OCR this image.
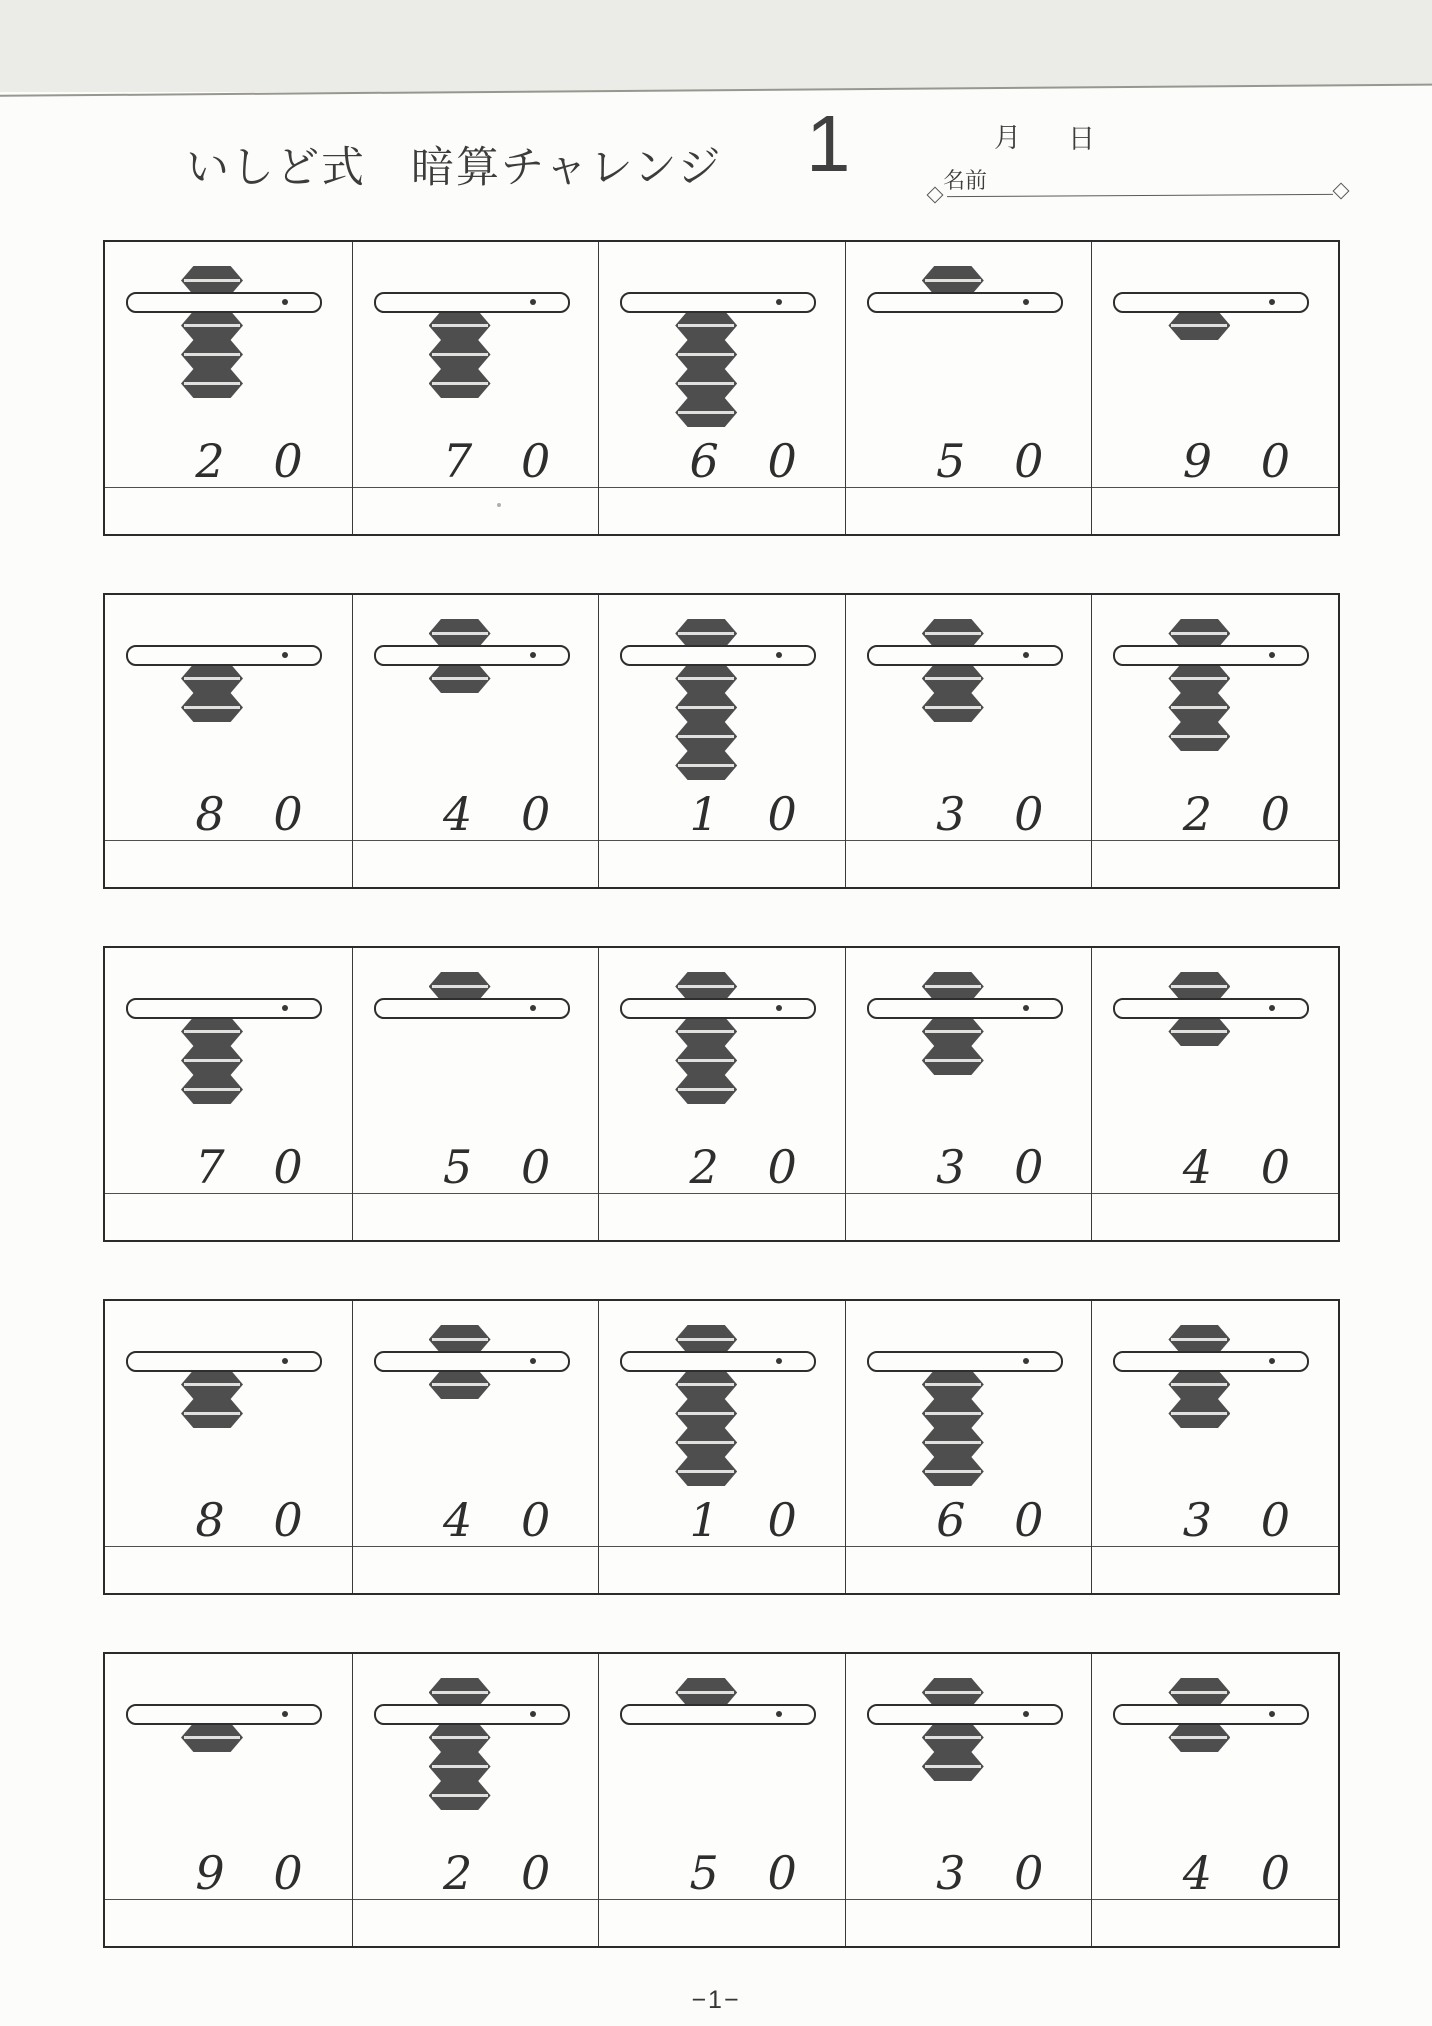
いしど式　暗算チャレンジ 1	月 日
名前
2 0	7 0	6 0	5 0	9 0
8 0	4 0	1 0	3 0	2 0
7 0	5 0	2 0	3 0	4 0
8 0	4 0	1 0	6 0	3 0
9 0	2 0	5 0	3 0	4 0
−1−
